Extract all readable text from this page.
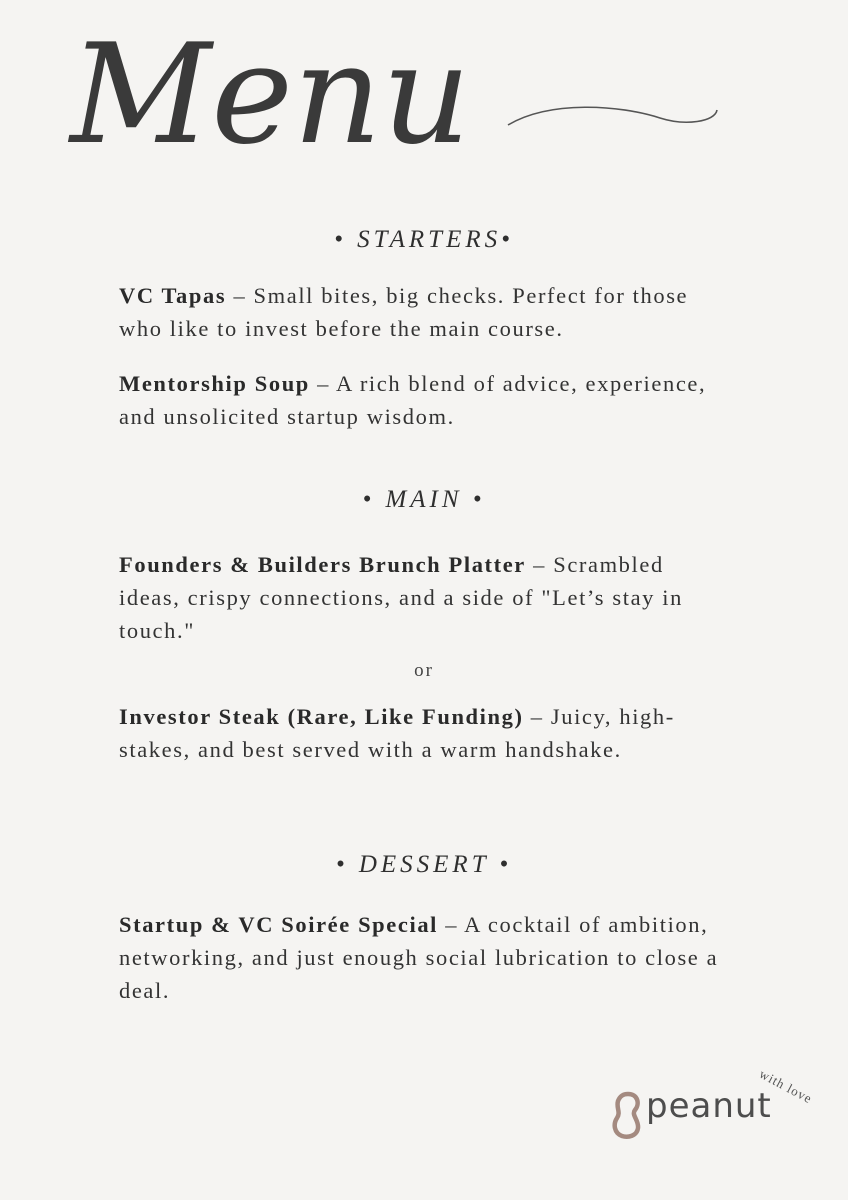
Menu
• STARTERS•
VC Tapas – Small bites, big checks. Perfect for those who like to invest before the main course.
Mentorship Soup – A rich blend of advice, experience, and unsolicited startup wisdom.
• MAIN •
Founders & Builders Brunch Platter – Scrambled ideas, crispy connections, and a side of "Let’s stay in touch."
or
Investor Steak (Rare, Like Funding) – Juicy, high-stakes, and best served with a warm handshake.
• DESSERT •
Startup & VC Soirée Special – A cocktail of ambition, networking, and just enough social lubrication to close a deal.
peanut
with love
